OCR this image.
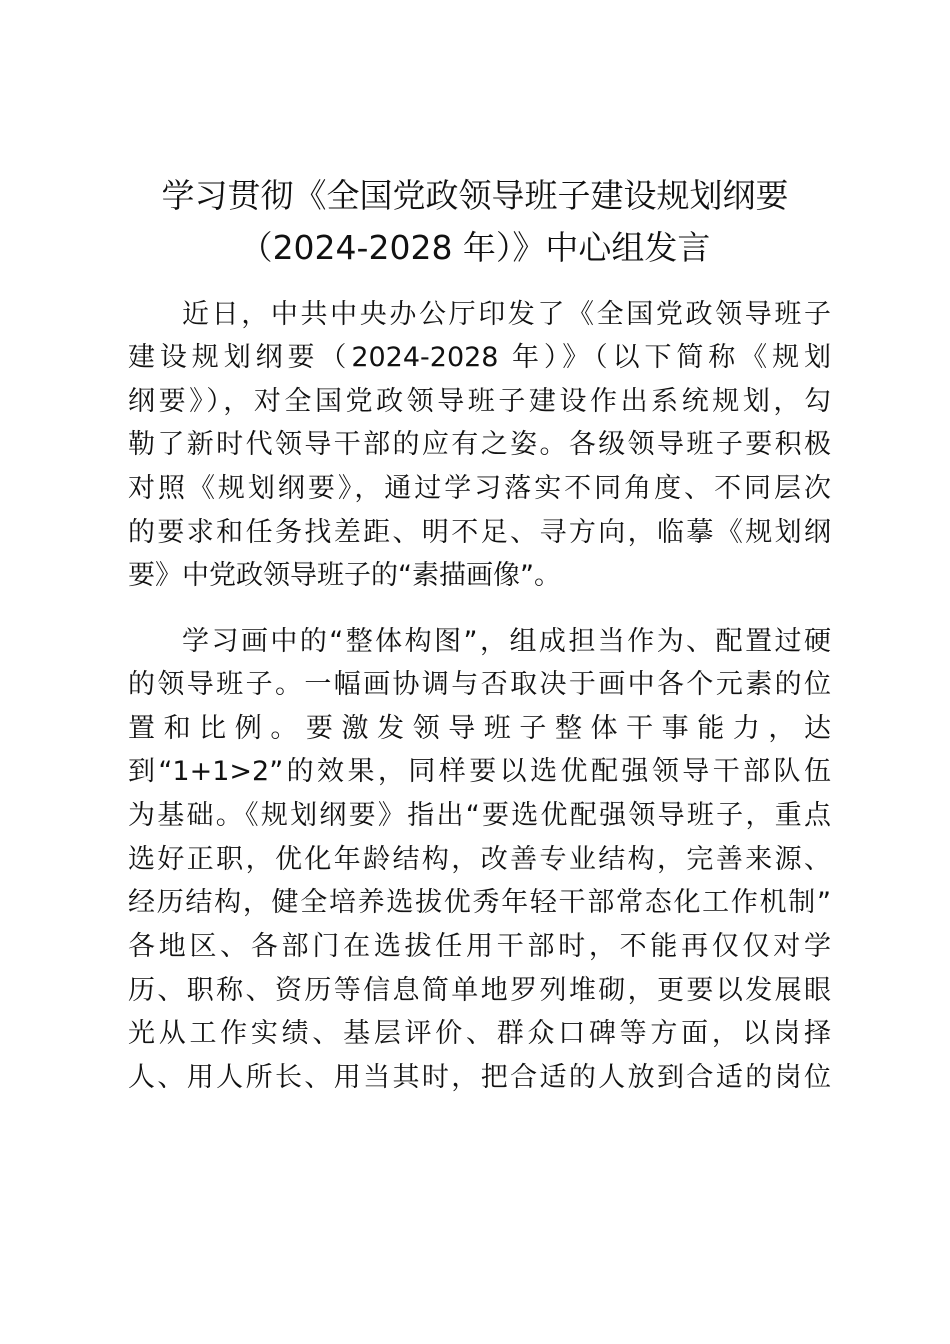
学习贯彻《全国党政领导班子建设规划纲要
（2024-2028 年）》中心组发言

近日，中共中央办公厅印发了《全国党政领导班子

建设规划纲要（2024-2028 年）》（以下简称《规划

纲要》），对全国党政领导班子建设作出系统规划，勾

勒了新时代领导干部的应有之姿。各级领导班子要积极

对照《规划纲要》，通过学习落实不同角度、不同层次

的要求和任务找差距、明不足、寻方向，临摹《规划纲

要》中党政领导班子的“素描画像”。

学习画中的“整体构图”，组成担当作为、配置过硬

的领导班子。一幅画协调与否取决于画中各个元素的位

置和比例。要激发领导班子整体干事能力，达

到“1+1>2”的效果，同样要以选优配强领导干部队伍

为基础。《规划纲要》指出“要选优配强领导班子，重点

选好正职，优化年龄结构，改善专业结构，完善来源、

经历结构，健全培养选拔优秀年轻干部常态化工作机制”

各地区、各部门在选拔任用干部时，不能再仅仅对学

历、职称、资历等信息简单地罗列堆砌，更要以发展眼

光从工作实绩、基层评价、群众口碑等方面，以岗择

人、用人所长、用当其时，把合适的人放到合适的岗位
